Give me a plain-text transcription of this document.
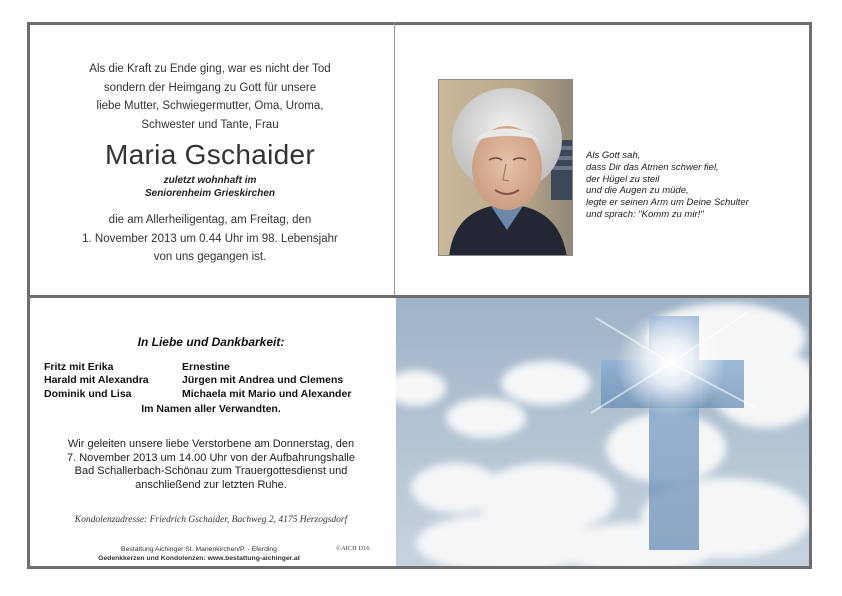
Als die Kraft zu Ende ging, war es nicht der Tod
sondern der Heimgang zu Gott für unsere
liebe Mutter, Schwiegermutter, Oma, Uroma,
Schwester und Tante, Frau
Maria Gschaider
zuletzt wohnhaft im
Seniorenheim Grieskirchen
die am Allerheiligentag, am Freitag, den
1. November 2013 um 0.44 Uhr im 98. Lebensjahr
von uns gegangen ist.
Als Gott sah,
dass Dir das Atmen schwer fiel,
der Hügel zu steil
und die Augen zu müde,
legte er seinen Arm um Deine Schulter
und sprach: "Komm zu mir!"
In Liebe und Dankbarkeit:
Fritz mit Erika
Harald mit Alexandra
Dominik und Lisa
Ernestine
Jürgen mit Andrea und Clemens
Michaela mit Mario und Alexander
Im Namen aller Verwandten.
Wir geleiten unsere liebe Verstorbene am Donnerstag, den
7. November 2013 um 14.00 Uhr von der Aufbahrungshalle
Bad Schallerbach-Schönau zum Trauergottesdienst und
anschließend zur letzten Ruhe.
Kondolenzadresse: Friedrich Gschaider, Bachweg 2, 4175 Herzogsdorf
Bestattung Aichinger St. Marienkirchen/P. - Eferding
Gedenkkerzen und Kondolenzen: www.bestattung-aichinger.at
©AICH D16
